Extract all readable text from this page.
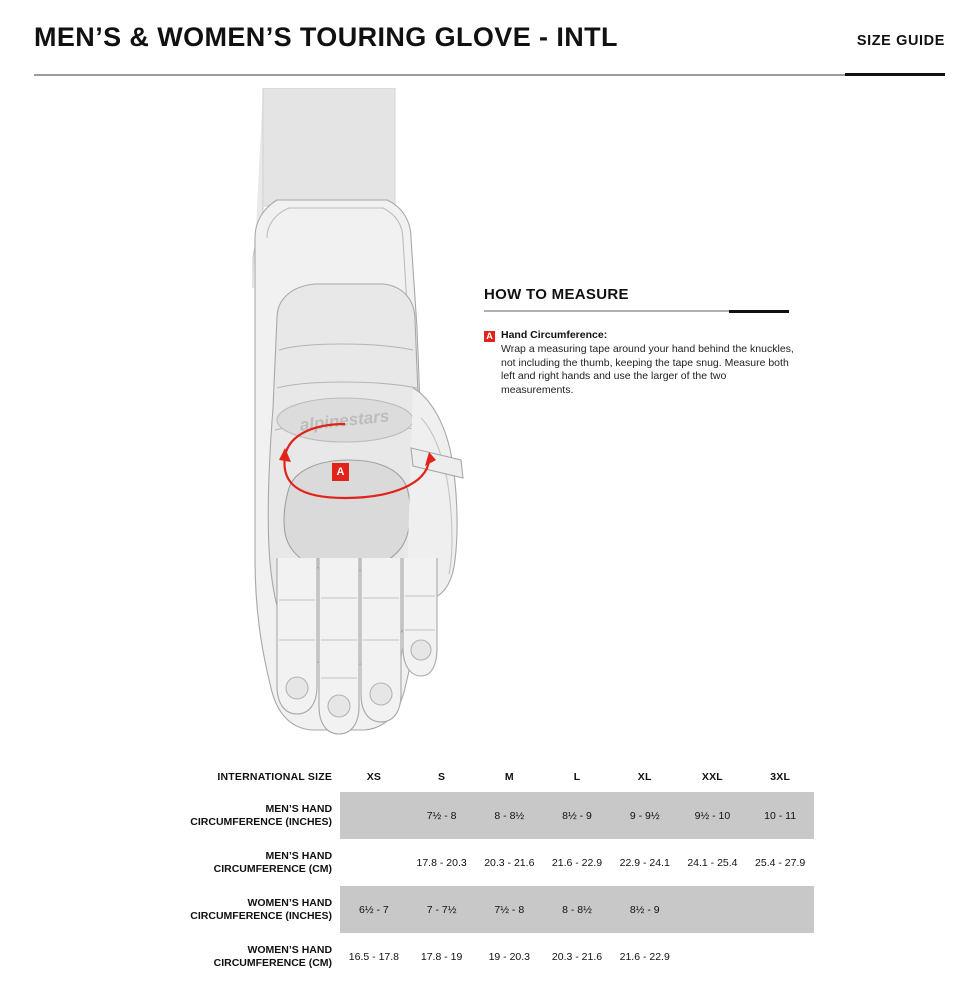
MEN’S & WOMEN’S TOURING GLOVE - INTL	SIZE GUIDE
alpinestars
A
HOW TO MEASURE
A Hand Circumference:
Wrap a measuring tape around your hand behind the knuckles, not including the thumb, keeping the tape snug. Measure both left and right hands and use the larger of the two measurements.
INTERNATIONAL SIZE	XS	S	M	L	XL	XXL	3XL

MEN’S HAND
CIRCUMFERENCE (INCHES)		7½ - 8	8 - 8½	8½ - 9	9 - 9½	9½ - 10	10 - 11

MEN’S HAND
CIRCUMFERENCE (CM)		17.8 - 20.3	20.3 - 21.6	21.6 - 22.9	22.9 - 24.1	24.1 - 25.4	25.4 - 27.9

WOMEN’S HAND
CIRCUMFERENCE (INCHES)	6½ - 7	7 - 7½	7½ - 8	8 - 8½	8½ - 9		

WOMEN’S HAND
CIRCUMFERENCE (CM)	16.5 - 17.8	17.8 - 19	19 - 20.3	20.3 - 21.6	21.6 - 22.9		
